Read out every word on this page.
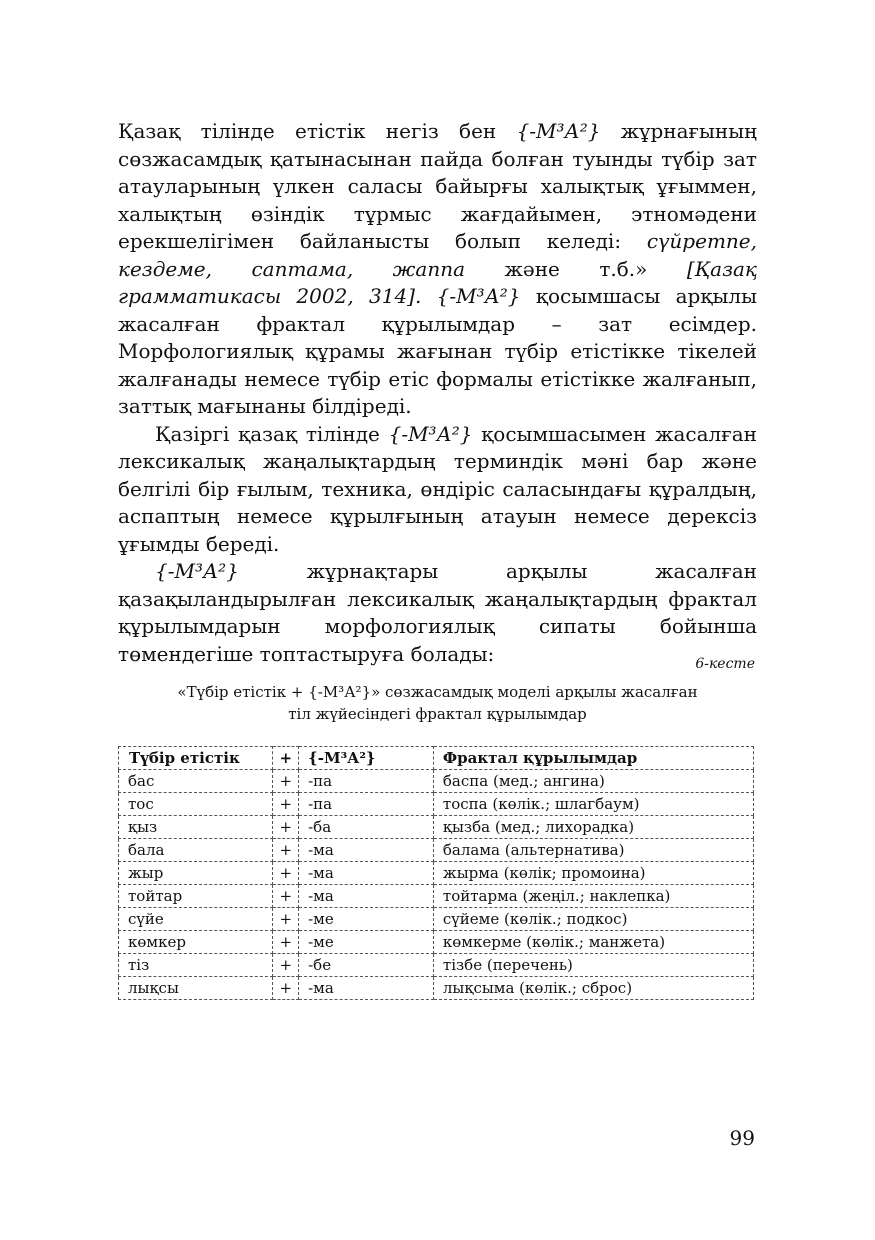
Қазақ тілінде етістік негіз бен {-М³А²} жұрнағының сөзжасамдық қатынасынан пайда болған туынды түбір зат атауларының үлкен саласы байырғы халықтық ұғыммен, халықтың өзіндік тұрмыс жағдайымен, этномәдени ерекшелігімен байланысты болып келеді: сүйретпе, кездеме, саптама, жаппа және т.б.» [Қазақ грамматикасы 2002, 314]. {-М³А²} қосымшасы арқылы жасалған фрактал құрылымдар – зат есімдер. Морфологиялық құрамы жағынан түбір етістікке тікелей жалғанады немесе түбір етіс формалы етістікке жалғанып, заттық мағынаны білдіреді.

Қазіргі қазақ тілінде {-М³А²} қосымшасымен жасалған лексикалық жаңалықтардың терминдік мәні бар және белгілі бір ғылым, техника, өндіріс саласындағы құралдың, аспаптың немесе құрылғының атауын немесе дерексіз ұғымды береді.

{-М³А²} жұрнақтары арқылы жасалған қазақыландырылған лексикалық жаңалықтардың фрактал құрылымдарын морфологиялық сипаты бойынша төмендегіше топтастыруға болады:	6-кесте

«Түбір етістік + {-М³А²}» сөзжасамдық моделі арқылы жасалған
тіл жүйесіндегі фрактал құрылымдар
Түбір етістік	+	{-М³А²}	Фрактал құрылымдар
бас	+	-па	баспа (мед.; ангина)
тос	+	-па	тоспа (көлік.; шлагбаум)
қыз	+	-ба	қызба (мед.; лихорадка)
бала	+	-ма	балама (альтернатива)
жыр	+	-ма	жырма (көлік; промоина)
тойтар	+	-ма	тойтарма (жеңіл.; наклепка)
сүйе	+	-ме	сүйеме (көлік.; подкос)
көмкер	+	-ме	көмкерме (көлік.; манжета)
тіз	+	-бе	тізбе (перечень)
лықсы	+	-ма	лықсыма (көлік.; сброс)

99
